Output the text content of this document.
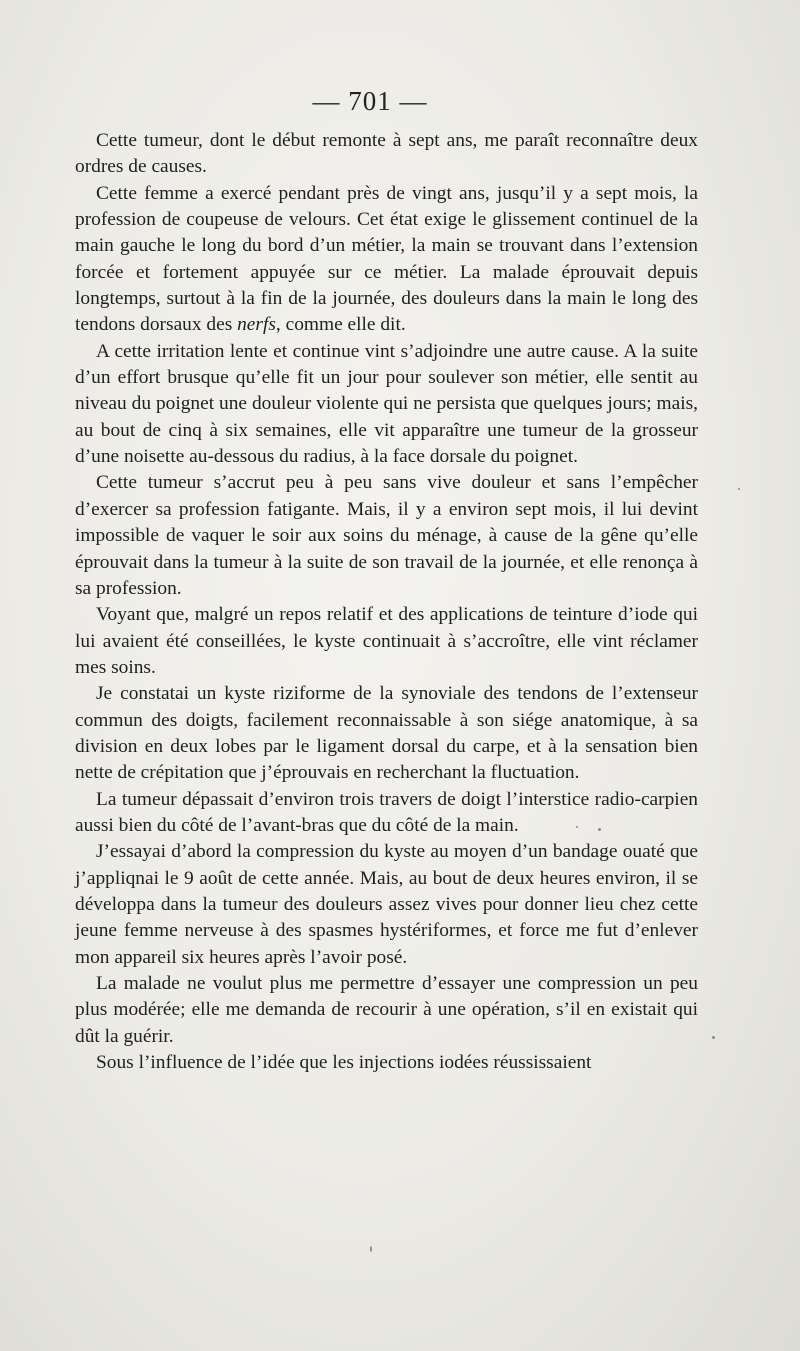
— 701 —

Cette tumeur, dont le début remonte à sept ans, me paraît reconnaître deux ordres de causes.

Cette femme a exercé pendant près de vingt ans, jusqu’il y a sept mois, la profession de coupeuse de velours. Cet état exige le glissement continuel de la main gauche le long du bord d’un métier, la main se trouvant dans l’extension forcée et fortement appuyée sur ce métier. La malade éprouvait depuis longtemps, surtout à la fin de la journée, des douleurs dans la main le long des tendons dorsaux des nerfs, comme elle dit.

A cette irritation lente et continue vint s’adjoindre une autre cause. A la suite d’un effort brusque qu’elle fit un jour pour soulever son métier, elle sentit au niveau du poignet une douleur violente qui ne persista que quelques jours; mais, au bout de cinq à six semaines, elle vit apparaître une tumeur de la grosseur d’une noisette au-dessous du radius, à la face dorsale du poignet.

Cette tumeur s’accrut peu à peu sans vive douleur et sans l’empêcher d’exercer sa profession fatigante. Mais, il y a environ sept mois, il lui devint impossible de vaquer le soir aux soins du ménage, à cause de la gêne qu’elle éprouvait dans la tumeur à la suite de son travail de la journée, et elle renonça à sa profession.

Voyant que, malgré un repos relatif et des applications de teinture d’iode qui lui avaient été conseillées, le kyste continuait à s’accroître, elle vint réclamer mes soins.

Je constatai un kyste riziforme de la synoviale des tendons de l’extenseur commun des doigts, facilement reconnaissable à son siége anatomique, à sa division en deux lobes par le ligament dorsal du carpe, et à la sensation bien nette de crépitation que j’éprouvais en recherchant la fluctuation.

La tumeur dépassait d’environ trois travers de doigt l’interstice radio-carpien aussi bien du côté de l’avant-bras que du côté de la main.

J’essayai d’abord la compression du kyste au moyen d’un bandage ouaté que j’appliqnai le 9 août de cette année. Mais, au bout de deux heures environ, il se développa dans la tumeur des douleurs assez vives pour donner lieu chez cette jeune femme nerveuse à des spasmes hystériformes, et force me fut d’enlever mon appareil six heures après l’avoir posé.

La malade ne voulut plus me permettre d’essayer une compression un peu plus modérée; elle me demanda de recourir à une opération, s’il en existait qui dût la guérir.

Sous l’influence de l’idée que les injections iodées réussissaient
